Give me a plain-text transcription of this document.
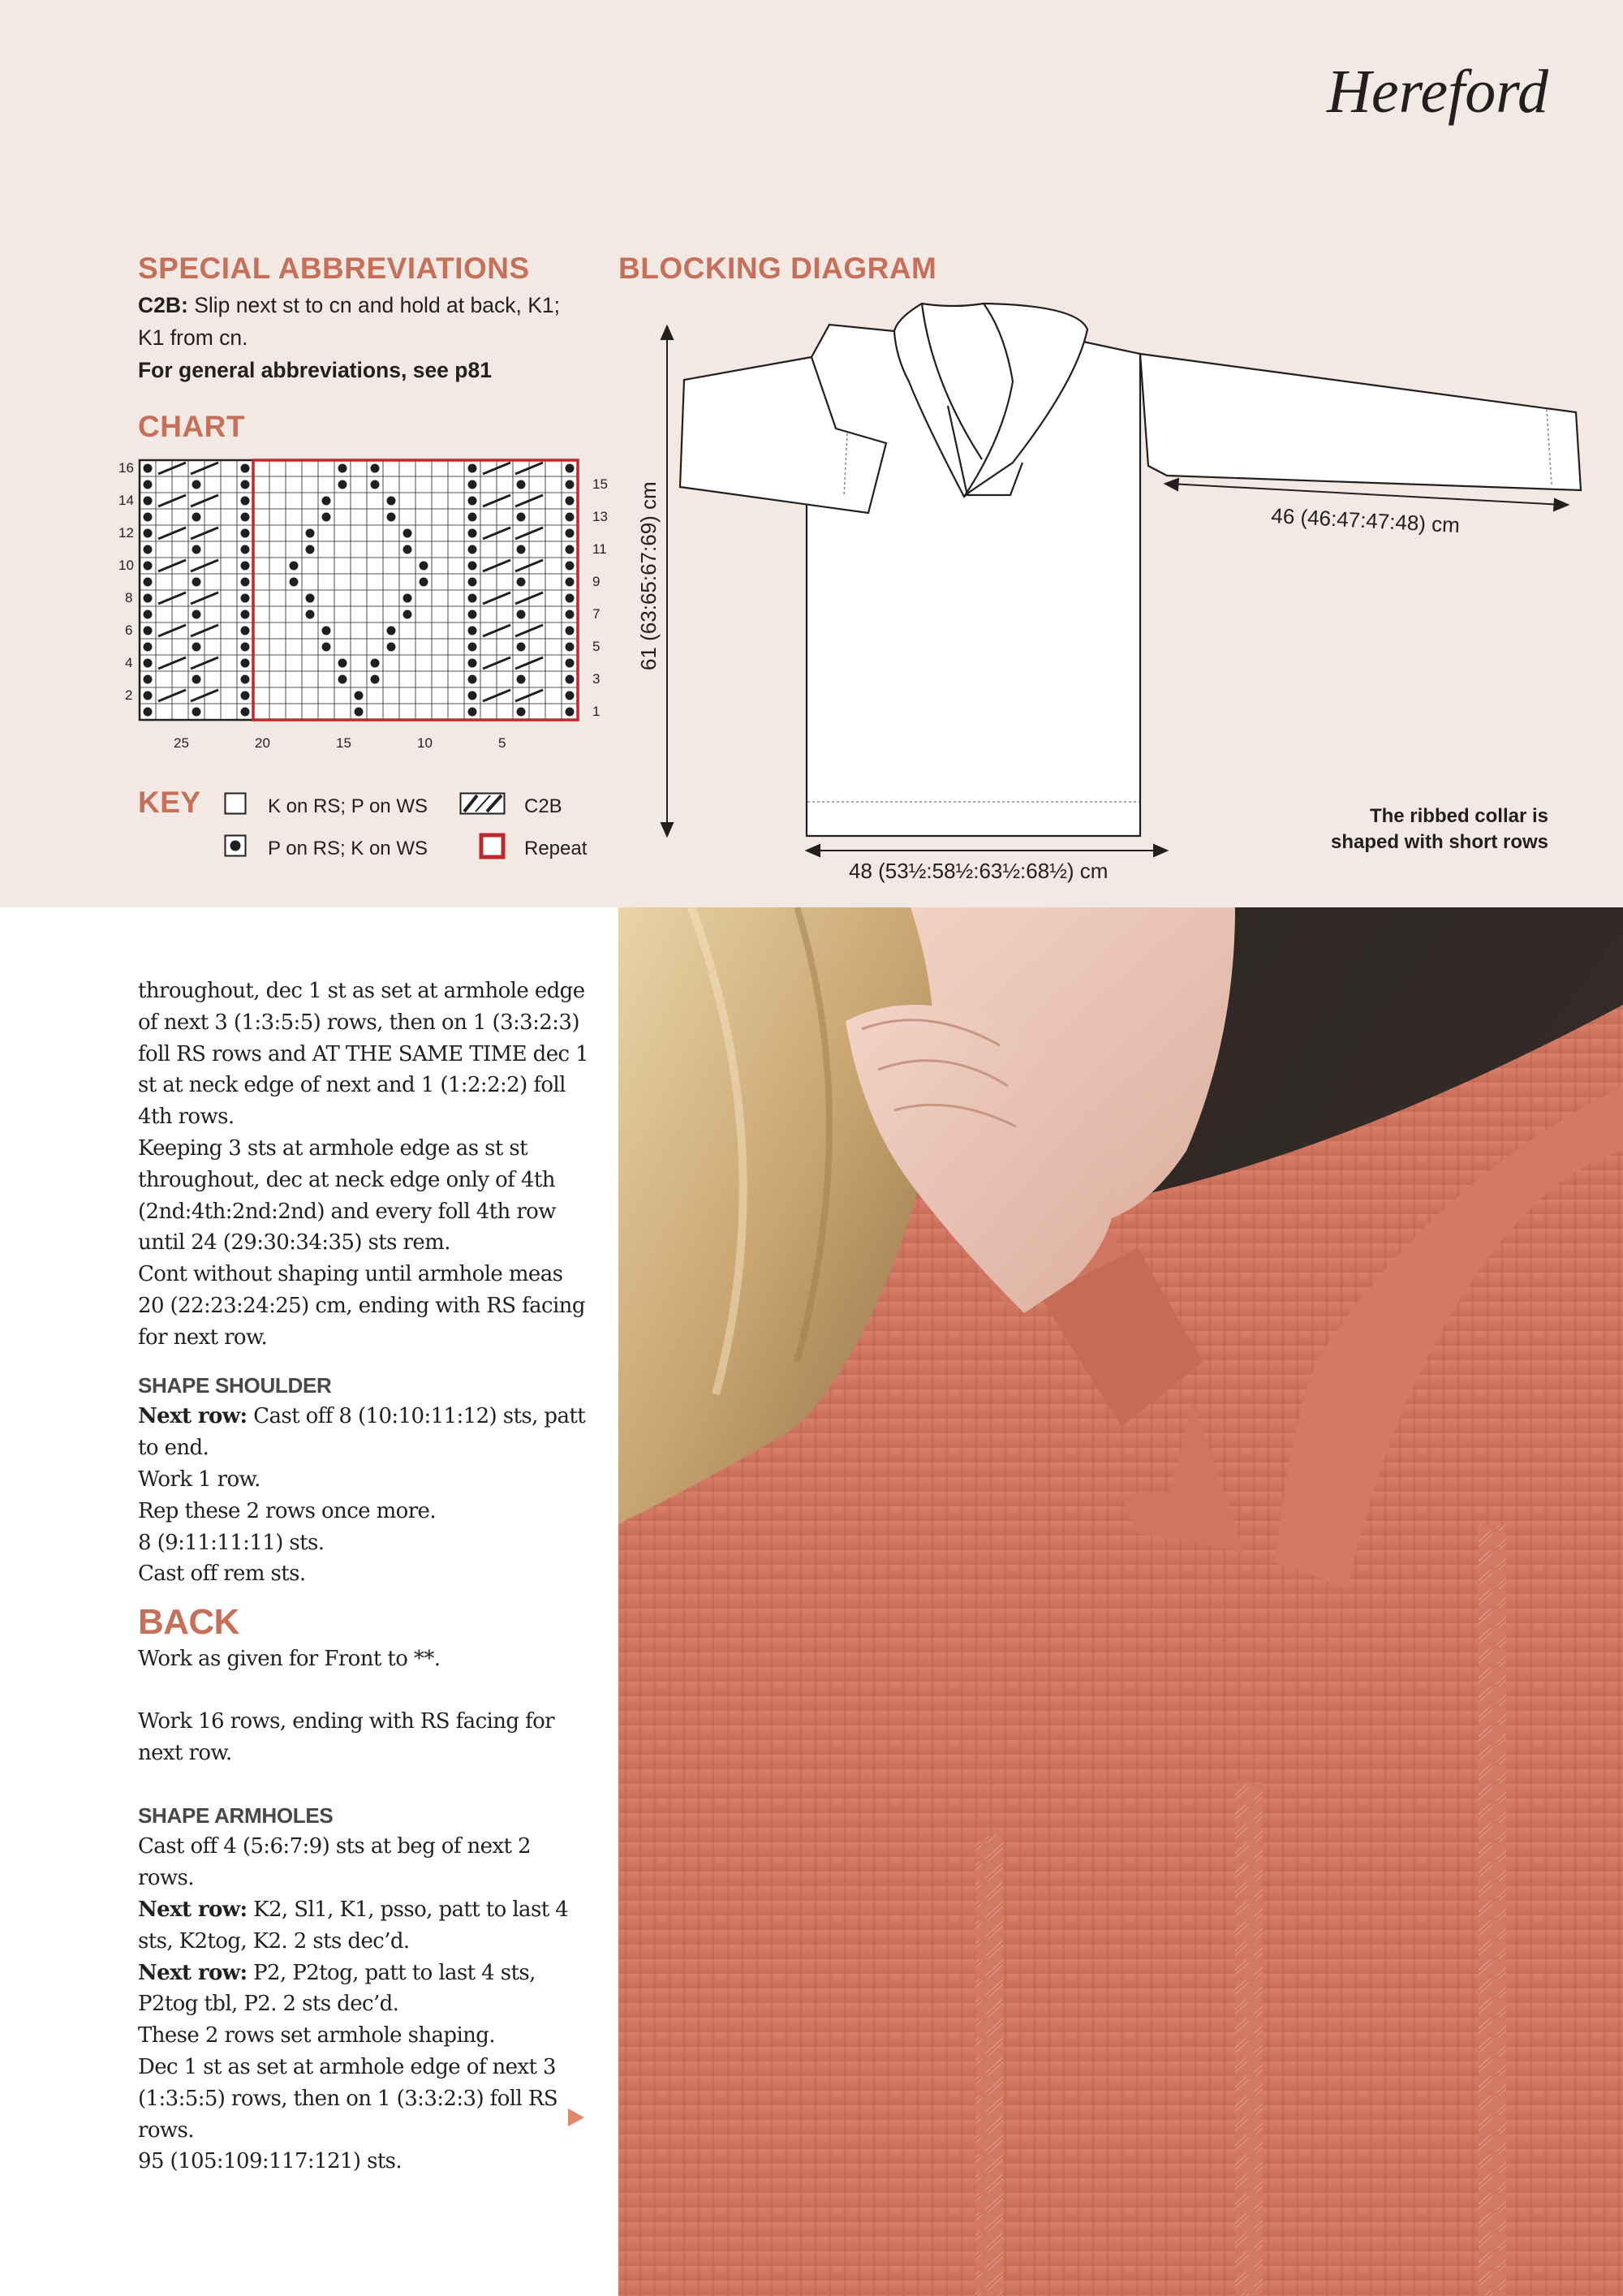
Hereford
SPECIAL ABBREVIATIONS
C2B: Slip next st to cn and hold at back, K1; K1 from cn.
For general abbreviations, see p81
CHART
16
14
12
10
8
6
4
2
15
13
11
9
7
5
3
1
25	20	15	10	5
KEY	K on RS; P on WS
P on RS; K on WS
C2B
Repeat
BLOCKING DIAGRAM
61 (63:65:67:69) cm	46 (46:47:47:48) cm
48 (53½:58½:63½:68½) cm
The ribbed collar is shaped with short rows

throughout, dec 1 st as set at armhole edge of next 3 (1:3:5:5) rows, then on 1 (3:3:2:3) foll RS rows and AT THE SAME TIME dec 1 st at neck edge of next and 1 (1:2:2:2) foll 4th rows.

Keeping 3 sts at armhole edge as st st throughout, dec at neck edge only of 4th (2nd:4th:2nd:2nd) and every foll 4th row until 24 (29:30:34:35) sts rem.

Cont without shaping until armhole meas 20 (22:23:24:25) cm, ending with RS facing for next row.

SHAPE SHOULDER

Next row: Cast off 8 (10:10:11:12) sts, patt to end.

Work 1 row.

Rep these 2 rows once more.

8 (9:11:11:11) sts.

Cast off rem sts.

BACK

Work as given for Front to **.

Work 16 rows, ending with RS facing for next row.

SHAPE ARMHOLES

Cast off 4 (5:6:7:9) sts at beg of next 2 rows.

Next row: K2, Sl1, K1, psso, patt to last 4 sts, K2tog, K2. 2 sts dec’d.

Next row: P2, P2tog, patt to last 4 sts, P2tog tbl, P2. 2 sts dec’d.

These 2 rows set armhole shaping.

Dec 1 st as set at armhole edge of next 3 (1:3:5:5) rows, then on 1 (3:3:2:3) foll RS rows.

95 (105:109:117:121) sts.
